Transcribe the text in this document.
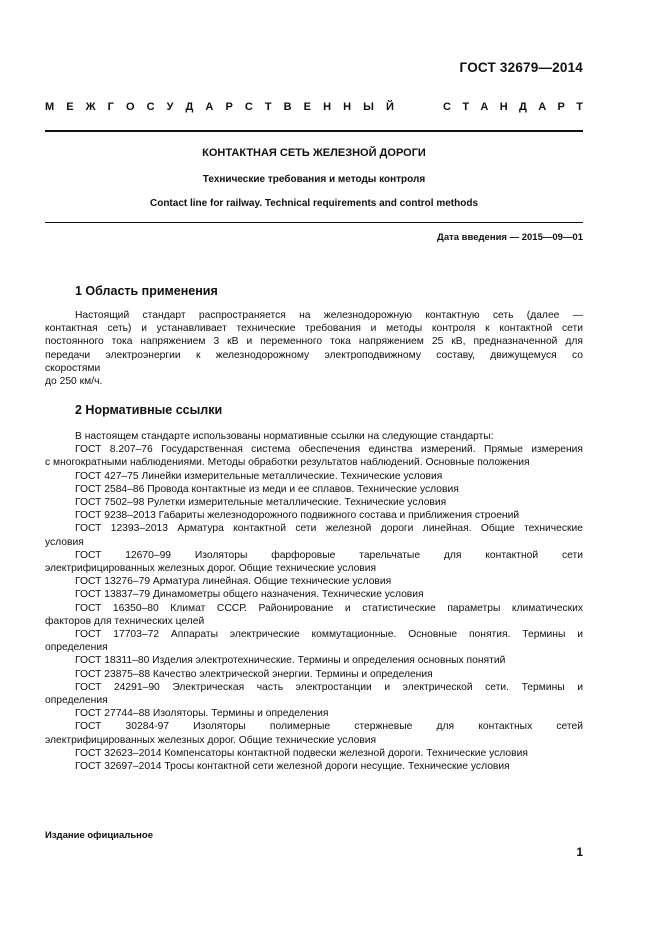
ГОСТ 32679—2014
М Е Ж Г О С У Д А Р С Т В Е Н Н Ы Й	С Т А Н Д А Р Т
КОНТАКТНАЯ СЕТЬ ЖЕЛЕЗНОЙ ДОРОГИ
Технические требования и методы контроля
Contact line for railway. Technical requirements and control methods
Дата введения — 2015—09—01
1 Область применения

Настоящий стандарт распространяется на железнодорожную контактную сеть (далее —

контактная сеть) и устанавливает технические требования и методы контроля к контактной сети

постоянного тока напряжением 3 кВ и переменного тока напряжением 25 кВ, предназначенной для

передачи электроэнергии к железнодорожному электроподвижному составу, движущемуся со

скоростями

до 250 км/ч.

2 Нормативные ссылки

В настоящем стандарте использованы нормативные ссылки на следующие стандарты:

ГОСТ 8.207–76 Государственная система обеспечения единства измерений. Прямые измерения

с многократными наблюдениями. Методы обработки результатов наблюдений. Основные положения

ГОСТ 427–75 Линейки измерительные металлические. Технические условия

ГОСТ 2584–86 Провода контактные из меди и ее сплавов. Технические условия

ГОСТ 7502–98 Рулетки измерительные металлические. Технические условия

ГОСТ 9238–2013 Габариты железнодорожного подвижного состава и приближения строений

ГОСТ 12393–2013 Арматура контактной сети железной дороги линейная. Общие технические

условия

ГОСТ 12670–99 Изоляторы фарфоровые тарельчатые для контактной сети

электрифицированных железных дорог. Общие технические условия

ГОСТ 13276–79 Арматура линейная. Общие технические условия

ГОСТ 13837–79 Динамометры общего назначения. Технические условия

ГОСТ 16350–80 Климат СССР. Районирование и статистические параметры климатических

факторов для технических целей

ГОСТ 17703–72 Аппараты электрические коммутационные. Основные понятия. Термины и

определения

ГОСТ 18311–80 Изделия электротехнические. Термины и определения основных понятий

ГОСТ 23875–88 Качество электрической энергии. Термины и определения

ГОСТ 24291–90 Электрическая часть электростанции и электрической сети. Термины и

определения

ГОСТ 27744–88 Изоляторы. Термины и определения

ГОСТ 30284-97 Изоляторы полимерные стержневые для контактных сетей

электрифицированных железных дорог. Общие технические условия

ГОСТ 32623–2014 Компенсаторы контактной подвески железной дороги. Технические условия

ГОСТ 32697–2014 Тросы контактной сети железной дороги несущие. Технические условия

Издание официальное
1
